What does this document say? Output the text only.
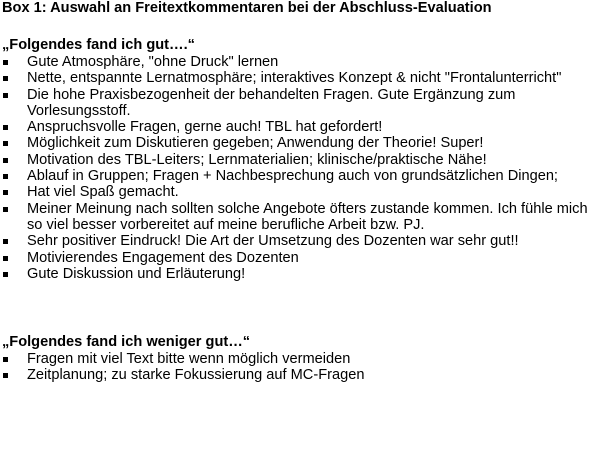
Box 1: Auswahl an Freitextkommentaren bei der Abschluss-Evaluation

„Folgendes fand ich gut….“

Gute Atmosphäre, "ohne Druck" lernen
Nette, entspannte Lernatmosphäre; interaktives Konzept & nicht "Frontalunterricht"
Die hohe Praxisbezogenheit der behandelten Fragen. Gute Ergänzung zum Vorlesungsstoff.
Anspruchsvolle Fragen, gerne auch! TBL hat gefordert!
Möglichkeit zum Diskutieren gegeben; Anwendung der Theorie! Super!
Motivation des TBL-Leiters; Lernmaterialien; klinische/praktische Nähe!
Ablauf in Gruppen; Fragen + Nachbesprechung auch von grundsätzlichen Dingen;
Hat viel Spaß gemacht.
Meiner Meinung nach sollten solche Angebote öfters zustande kommen. Ich fühle mich so viel besser vorbereitet auf meine berufliche Arbeit bzw. PJ.
Sehr positiver Eindruck! Die Art der Umsetzung des Dozenten war sehr gut!!
Motivierendes Engagement des Dozenten
Gute Diskussion und Erläuterung!

„Folgendes fand ich weniger gut…“

Fragen mit viel Text bitte wenn möglich vermeiden
Zeitplanung; zu starke Fokussierung auf MC-Fragen
